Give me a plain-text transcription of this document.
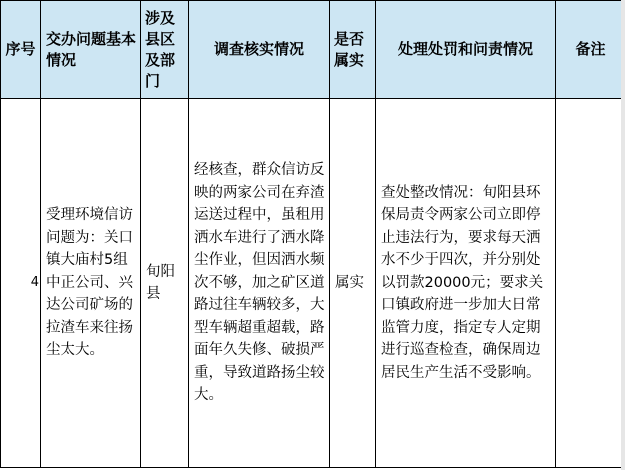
序号	交办问题基本情况	涉及县区及部门	调查核实情况	是否属实	处理处罚和问责情况	备注
4	受理环境信访问题为：关口镇大庙村5组中正公司、兴达公司矿场的拉渣车来往扬尘太大。	旬阳县	经核查，群众信访反映的两家公司在弃渣运送过程中，虽租用洒水车进行了洒水降尘作业，但因洒水频次不够，加之矿区道路过往车辆较多，大型车辆超重超载，路面年久失修、破损严重，导致道路扬尘较大。	属实	查处整改情况：旬阳县环保局责令两家公司立即停止违法行为，要求每天洒水不少于四次，并分别处以罚款20000元；要求关口镇政府进一步加大日常监管力度，指定专人定期进行巡查检查，确保周边居民生产生活不受影响。	
